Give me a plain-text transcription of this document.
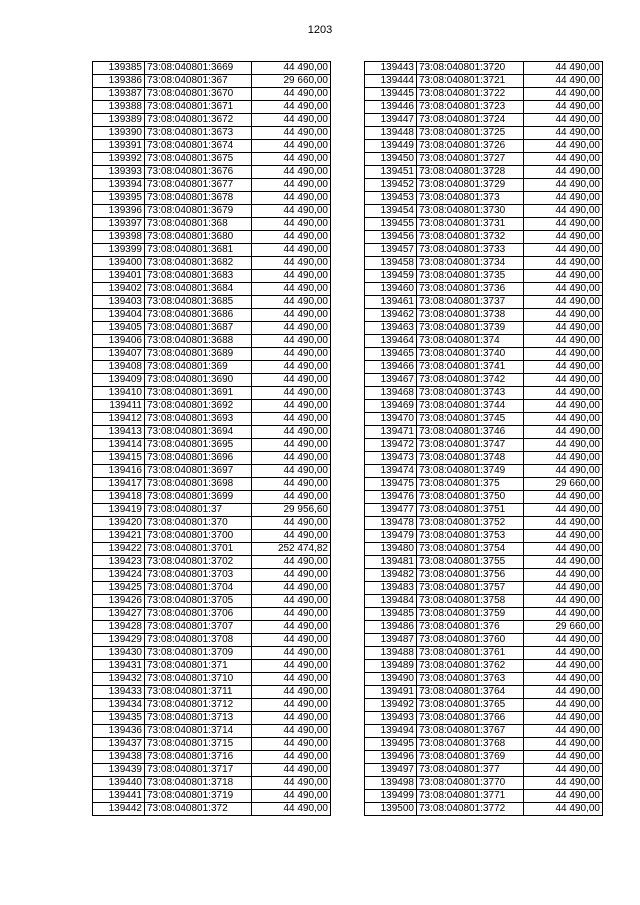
1203
139385	73:08:040801:3669	44 490,00
139386	73:08:040801:367	29 660,00
139387	73:08:040801:3670	44 490,00
139388	73:08:040801:3671	44 490,00
139389	73:08:040801:3672	44 490,00
139390	73:08:040801:3673	44 490,00
139391	73:08:040801:3674	44 490,00
139392	73:08:040801:3675	44 490,00
139393	73:08:040801:3676	44 490,00
139394	73:08:040801:3677	44 490,00
139395	73:08:040801:3678	44 490,00
139396	73:08:040801:3679	44 490,00
139397	73:08:040801:368	44 490,00
139398	73:08:040801:3680	44 490,00
139399	73:08:040801:3681	44 490,00
139400	73:08:040801:3682	44 490,00
139401	73:08:040801:3683	44 490,00
139402	73:08:040801:3684	44 490,00
139403	73:08:040801:3685	44 490,00
139404	73:08:040801:3686	44 490,00
139405	73:08:040801:3687	44 490,00
139406	73:08:040801:3688	44 490,00
139407	73:08:040801:3689	44 490,00
139408	73:08:040801:369	44 490,00
139409	73:08:040801:3690	44 490,00
139410	73:08:040801:3691	44 490,00
139411	73:08:040801:3692	44 490,00
139412	73:08:040801:3693	44 490,00
139413	73:08:040801:3694	44 490,00
139414	73:08:040801:3695	44 490,00
139415	73:08:040801:3696	44 490,00
139416	73:08:040801:3697	44 490,00
139417	73:08:040801:3698	44 490,00
139418	73:08:040801:3699	44 490,00
139419	73:08:040801:37	29 956,60
139420	73:08:040801:370	44 490,00
139421	73:08:040801:3700	44 490,00
139422	73:08:040801:3701	252 474,82
139423	73:08:040801:3702	44 490,00
139424	73:08:040801:3703	44 490,00
139425	73:08:040801:3704	44 490,00
139426	73:08:040801:3705	44 490,00
139427	73:08:040801:3706	44 490,00
139428	73:08:040801:3707	44 490,00
139429	73:08:040801:3708	44 490,00
139430	73:08:040801:3709	44 490,00
139431	73:08:040801:371	44 490,00
139432	73:08:040801:3710	44 490,00
139433	73:08:040801:3711	44 490,00
139434	73:08:040801:3712	44 490,00
139435	73:08:040801:3713	44 490,00
139436	73:08:040801:3714	44 490,00
139437	73:08:040801:3715	44 490,00
139438	73:08:040801:3716	44 490,00
139439	73:08:040801:3717	44 490,00
139440	73:08:040801:3718	44 490,00
139441	73:08:040801:3719	44 490,00
139442	73:08:040801:372	44 490,00
139443	73:08:040801:3720	44 490,00
139444	73:08:040801:3721	44 490,00
139445	73:08:040801:3722	44 490,00
139446	73:08:040801:3723	44 490,00
139447	73:08:040801:3724	44 490,00
139448	73:08:040801:3725	44 490,00
139449	73:08:040801:3726	44 490,00
139450	73:08:040801:3727	44 490,00
139451	73:08:040801:3728	44 490,00
139452	73:08:040801:3729	44 490,00
139453	73:08:040801:373	44 490,00
139454	73:08:040801:3730	44 490,00
139455	73:08:040801:3731	44 490,00
139456	73:08:040801:3732	44 490,00
139457	73:08:040801:3733	44 490,00
139458	73:08:040801:3734	44 490,00
139459	73:08:040801:3735	44 490,00
139460	73:08:040801:3736	44 490,00
139461	73:08:040801:3737	44 490,00
139462	73:08:040801:3738	44 490,00
139463	73:08:040801:3739	44 490,00
139464	73:08:040801:374	44 490,00
139465	73:08:040801:3740	44 490,00
139466	73:08:040801:3741	44 490,00
139467	73:08:040801:3742	44 490,00
139468	73:08:040801:3743	44 490,00
139469	73:08:040801:3744	44 490,00
139470	73:08:040801:3745	44 490,00
139471	73:08:040801:3746	44 490,00
139472	73:08:040801:3747	44 490,00
139473	73:08:040801:3748	44 490,00
139474	73:08:040801:3749	44 490,00
139475	73:08:040801:375	29 660,00
139476	73:08:040801:3750	44 490,00
139477	73:08:040801:3751	44 490,00
139478	73:08:040801:3752	44 490,00
139479	73:08:040801:3753	44 490,00
139480	73:08:040801:3754	44 490,00
139481	73:08:040801:3755	44 490,00
139482	73:08:040801:3756	44 490,00
139483	73:08:040801:3757	44 490,00
139484	73:08:040801:3758	44 490,00
139485	73:08:040801:3759	44 490,00
139486	73:08:040801:376	29 660,00
139487	73:08:040801:3760	44 490,00
139488	73:08:040801:3761	44 490,00
139489	73:08:040801:3762	44 490,00
139490	73:08:040801:3763	44 490,00
139491	73:08:040801:3764	44 490,00
139492	73:08:040801:3765	44 490,00
139493	73:08:040801:3766	44 490,00
139494	73:08:040801:3767	44 490,00
139495	73:08:040801:3768	44 490,00
139496	73:08:040801:3769	44 490,00
139497	73:08:040801:377	44 490,00
139498	73:08:040801:3770	44 490,00
139499	73:08:040801:3771	44 490,00
139500	73:08:040801:3772	44 490,00
